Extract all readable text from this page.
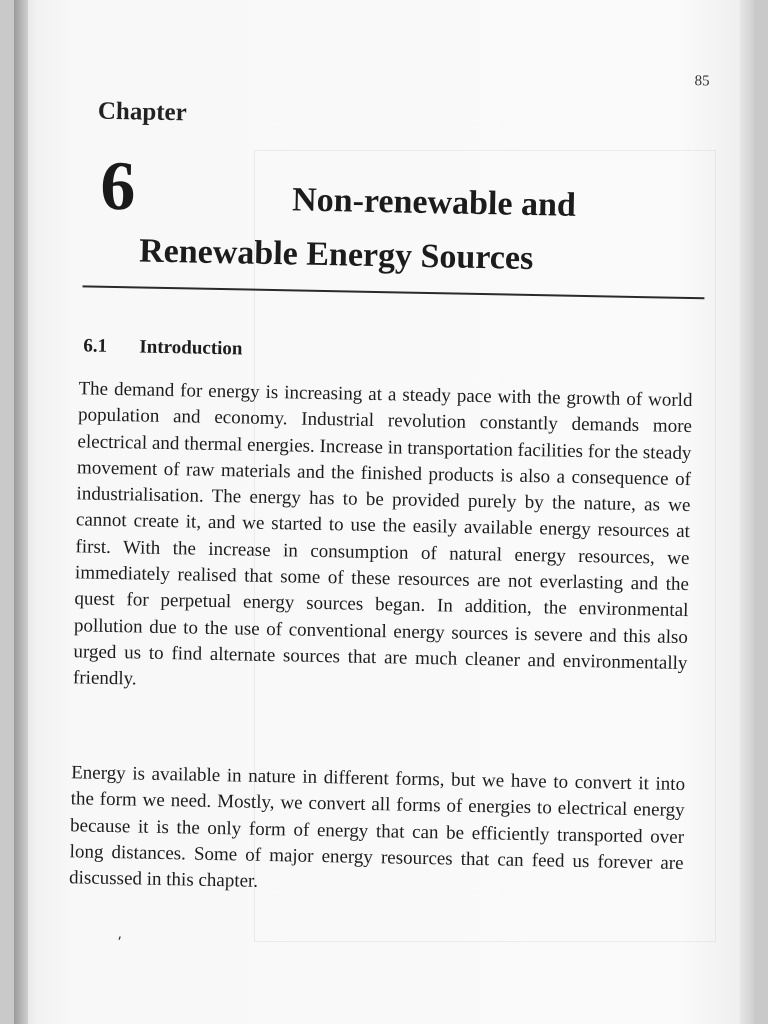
85
Chapter
6	Non-renewable and
Renewable Energy Sources
6.1 Introduction

The demand for energy is increasing at a steady pace with the growth of world population and economy. Industrial revolution constantly demands more electrical and thermal energies. Increase in transportation facilities for the steady movement of raw materials and the finished products is also a consequence of industrialisation. The energy has to be provided purely by the nature, as we cannot create it, and we started to use the easily available energy resources at first. With the increase in consumption of natural energy resources, we immediately realised that some of these resources are not everlasting and the quest for perpetual energy sources began. In addition, the environmental pollution due to the use of conventional energy sources is severe and this also urged us to find alternate sources that are much cleaner and environmentally friendly.

Energy is available in nature in different forms, but we have to convert it into the form we need. Mostly, we convert all forms of energies to electrical energy because it is the only form of energy that can be efficiently transported over long distances. Some of major energy resources that can feed us forever are discussed in this chapter.

⸴
